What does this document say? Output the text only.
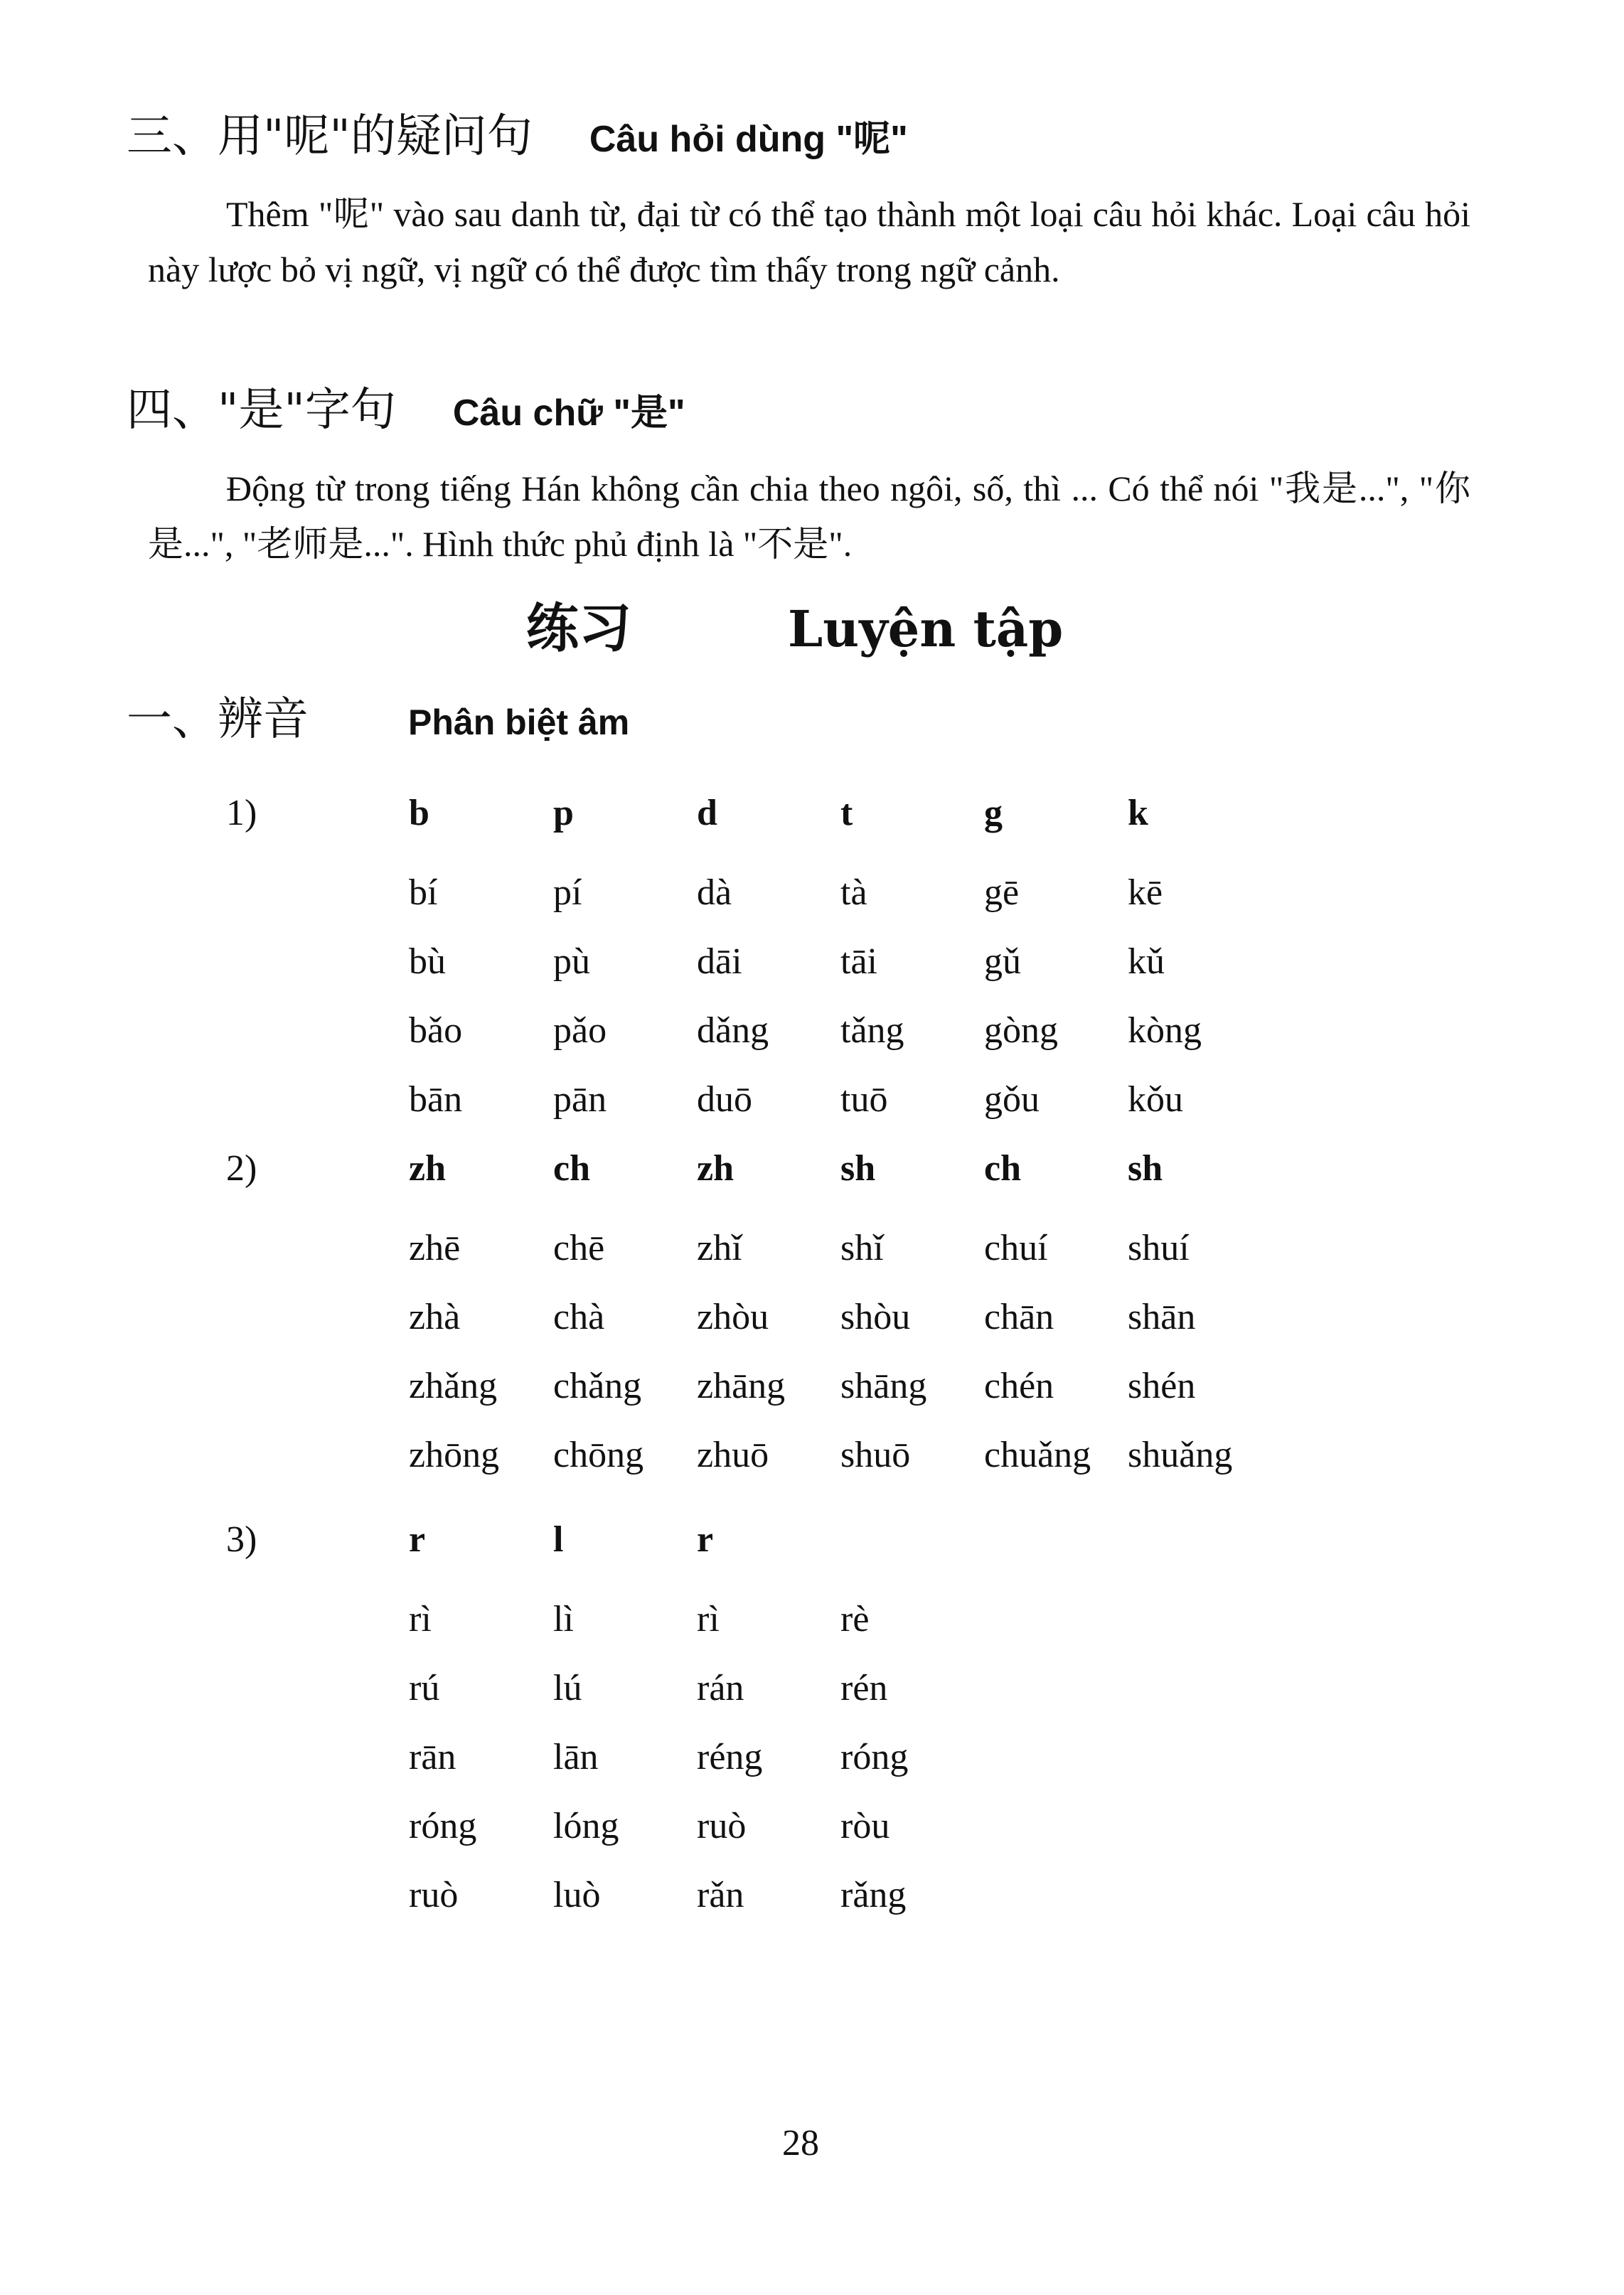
三、用"呢"的疑问句 Câu hỏi dùng "呢"

Thêm "呢" vào sau danh từ, đại từ có thể tạo thành một loại câu hỏi khác. Loại câu hỏi này lược bỏ vị ngữ, vị ngữ có thể được tìm thấy trong ngữ cảnh.

四、"是"字句 Câu chữ "是"

Động từ trong tiếng Hán không cần chia theo ngôi, số, thì ... Có thể nói "我是...", "你是...", "老师是...". Hình thức phủ định là "不是".

练习	Luyện tập
一、辨音	Phân biệt âm
1)	b	p	d	t	g	k
bí	pí	dà	tà	gē	kē
bù	pù	dāi	tāi	gǔ	kǔ
bǎo pǎo dǎng tǎng gòng kòng
bān pān duō tuō	gǒu kǒu
2)	zh	ch	zh	sh	ch	sh
zhē	chē zhǐ	shǐ	chuí shuí
zhà	chà zhòu shòu chān shān
zhǎng chǎng zhāng shāng chén shén
zhōng chōng zhuō shuō chuǎng shuǎng
3)	r	l	r
rì	lì	rì	rè
rú	lú	rán	rén
rān	lān	réng róng
róng lóng ruò	ròu
ruò	luò	rǎn	rǎng
28
